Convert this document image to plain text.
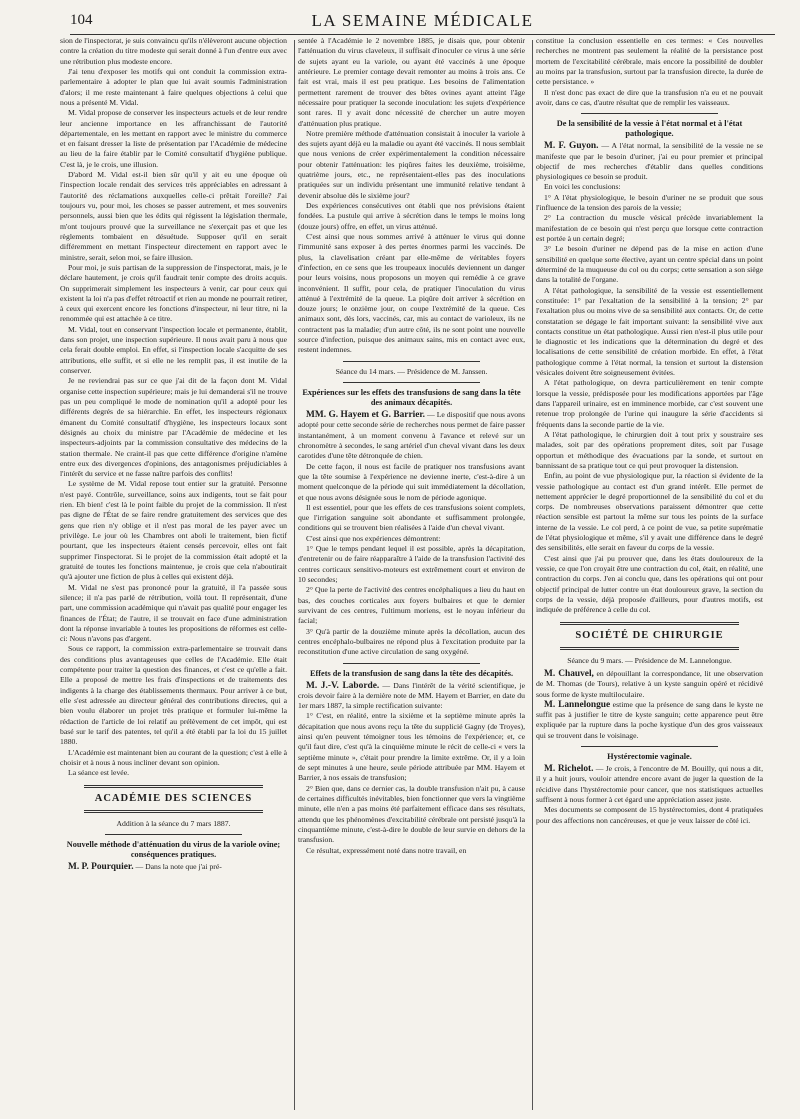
104	LA SEMAINE MÉDICALE

sion de l'inspectorat, je suis convaincu qu'ils n'élèveront aucune objection contre la création du titre modeste qui serait donné à l'un d'entre eux avec une rétribution plus modeste encore.

J'ai tenu d'exposer les motifs qui ont conduit la commission extra-parlementaire à adopter le plan que lui avait soumis l'administration d'alors; il me reste maintenant à faire quelques objections à celui que nous a présenté M. Vidal.

M. Vidal propose de conserver les inspecteurs actuels et de leur rendre leur ancienne importance en les affranchissant de l'autorité départementale, en les mettant en rapport avec le ministre du commerce et en faisant dresser la liste de présentation par l'Académie de médecine au lieu de la faire établir par le Comité consultatif d'hygiène publique. C'est là, je le crois, une illusion.

D'abord M. Vidal est-il bien sûr qu'il y ait eu une époque où l'inspection locale rendait des services très appréciables en adressant à l'autorité des réclamations auxquelles celle-ci prêtait l'oreille? J'ai toujours vu, pour moi, les choses se passer autrement, et mes souvenirs personnels, aussi bien que les édits qui régissent la législation thermale, m'ont toujours prouvé que la surveillance ne s'exerçait pas et que les règlements tombaient en désuétude. Supposer qu'il en serait différemment en mettant l'inspecteur directement en rapport avec le ministre, serait, selon moi, se faire illusion.

Pour moi, je suis partisan de la suppression de l'inspectorat, mais, je le déclare hautement, je crois qu'il faudrait tenir compte des droits acquis. On supprimerait simplement les inspecteurs à venir, car pour ceux qui existent la loi n'a pas d'effet rétroactif et rien au monde ne pourrait retirer, à ceux qui exercent encore les fonctions d'inspecteur, ni leur titre, ni la renommée qui est attachée à ce titre.

M. Vidal, tout en conservant l'inspection locale et permanente, établit, dans son projet, une inspection supérieure. Il nous avait paru à nous que cela ferait double emploi. En effet, si l'inspection locale s'acquitte de ses attributions, elle suffit, et si elle ne les remplit pas, il est inutile de la conserver.

Je ne reviendrai pas sur ce que j'ai dit de la façon dont M. Vidal organise cette inspection supérieure; mais je lui demanderai s'il ne trouve pas un peu compliqué le mode de nomination qu'il a adopté pour les différents degrés de sa hiérarchie. En effet, les inspecteurs régionaux émanent du Comité consultatif d'hygiène, les inspecteurs locaux sont désignés au choix du ministre par l'Académie de médecine et les inspecteurs-adjoints par la commission consultative des médecins de la station thermale. Ne craint-il pas que cette différence d'origine n'amène entre eux des divergences d'opinions, des antagonismes préjudiciables à l'intérêt du service et ne fasse naître parfois des conflits!

Le système de M. Vidal repose tout entier sur la gratuité. Personne n'est payé. Contrôle, surveillance, soins aux indigents, tout se fait pour rien. Eh bien! c'est là le point faible du projet de la commission. Il n'est pas digne de l'État de se faire rendre gratuitement des services que des gens que rien n'y oblige et il n'est pas moral de les payer avec un privilège. Le jour où les Chambres ont aboli le traitement, bien fictif pourtant, que les inspecteurs étaient censés percevoir, elles ont fait supprimer l'inspectorat. Si le projet de la commission était adopté et la gratuité de toutes les fonctions maintenue, je crois que cela n'aboutirait qu'à ajouter une fiction de plus à celles qui existent déjà.

M. Vidal ne s'est pas prononcé pour la gratuité, il l'a passée sous silence; il n'a pas parlé de rétribution, voilà tout. Il représentait, d'une part, une commission académique qui n'avait pas qualité pour engager les finances de l'État; de l'autre, il se trouvait en face d'une administration dont la réponse invariable à toutes les propositions de réformes est celle-ci: Nous n'avons pas d'argent.

Sous ce rapport, la commission extra-parlementaire se trouvait dans des conditions plus avantageuses que celles de l'Académie. Elle était compétente pour traiter la question des finances, et c'est ce qu'elle a fait. Elle a proposé de mettre les frais d'inspections et de traitements des indigents à la charge des établissements thermaux. Pour arriver à ce but, elle s'est adressée au directeur général des contributions directes, qui a bien voulu élaborer un projet très pratique et formuler lui-même la rédaction de l'article de loi relatif au prélèvement de cet impôt, qui est basé sur le tarif des patentes, tel qu'il a été établi par la loi du 15 juillet 1880.

L'Académie est maintenant bien au courant de la question; c'est à elle à choisir et à nous à nous incliner devant son opinion.

La séance est levée.

ACADÉMIE DES SCIENCES

Addition à la séance du 7 mars 1887.

Nouvelle méthode d'atténuation du virus de la variole ovine; conséquences pratiques.

M. P. Pourquier. — Dans la note que j'ai pré-

sentée à l'Académie le 2 novembre 1885, je disais que, pour obtenir l'atténuation du virus claveleux, il suffisait d'inoculer ce virus à une série de sujets ayant eu la variole, ou ayant été vaccinés à une époque antérieure. Le premier contage devait remonter au moins à trois ans. Ce fait est vrai, mais il est peu pratique. Les besoins de l'alimentation permettent rarement de trouver des bêtes ovines ayant atteint l'âge nécessaire pour pratiquer la seconde inoculation: les sujets d'expérience sont rares. Il y avait donc nécessité de chercher un autre moyen d'atténuation plus pratique.

Notre première méthode d'atténuation consistait à inoculer la variole à des sujets ayant déjà eu la maladie ou ayant été vaccinés. Il nous semblait que nous venions de créer expérimentalement la condition nécessaire pour obtenir l'atténuation: les piqûres faites les deuxième, troisième, quatrième jours, etc., ne représentaient-elles pas des inoculations pratiquées sur un individu présentant une immunité relative tendant à devenir absolue dès le sixième jour?

Des expériences consécutives ont établi que nos prévisions étaient fondées. La pustule qui arrive à sécrétion dans le temps le moins long (douze jours) offre, en effet, un virus atténué.

C'est ainsi que nous sommes arrivé à atténuer le virus qui donne l'immunité sans exposer à des pertes énormes parmi les vaccinés. De plus, la clavelisation créant par elle-même de véritables foyers d'infection, en ce sens que les troupeaux inoculés deviennent un danger pour leurs voisins, nous proposons un moyen qui remédie à ce grave inconvénient. Il suffit, pour cela, de pratiquer l'inoculation du virus atténué à l'extrémité de la queue. La piqûre doit arriver à sécrétion en douze jours; le onzième jour, on coupe l'extrémité de la queue. Ces animaux sont, dès lors, vaccinés, car, mis au contact de varioleux, ils ne contractent pas la maladie; d'un autre côté, ils ne sont point une nouvelle source d'infection, puisque des animaux sains, mis en contact avec eux, restent indemnes.

Séance du 14 mars. — Présidence de M. Janssen.

Expériences sur les effets des transfusions de sang dans la tête des animaux décapités.

MM. G. Hayem et G. Barrier. — Le dispositif que nous avons adopté pour cette seconde série de recherches nous permet de faire passer instantanément, à un moment convenu à l'avance et relevé sur un chronomètre à secondes, le sang artériel d'un cheval vivant dans les deux carotides d'une tête détronquée de chien.

De cette façon, il nous est facile de pratiquer nos transfusions avant que la tête soumise à l'expérience ne devienne inerte, c'est-à-dire à un moment quelconque de la période qui suit immédiatement la décollation, et que nous avons désignée sous le nom de période agonique.

Il est essentiel, pour que les effets de ces transfusions soient complets, que l'irrigation sanguine soit abondante et suffisamment prolongée, conditions qui se trouvent bien réalisées à l'aide d'un cheval vivant.

C'est ainsi que nos expériences démontrent:

1° Que le temps pendant lequel il est possible, après la décapitation, d'entretenir ou de faire réapparaître à l'aide de la transfusion l'activité des centres corticaux sensitivo-moteurs est extrêmement court et environ de 10 secondes;

2° Que la perte de l'activité des centres encéphaliques a lieu du haut en bas, des couches corticales aux foyers bulbaires et que le dernier survivant de ces centres, l'ultimum moriens, est le noyau inférieur du facial;

3° Qu'à partir de la douzième minute après la décollation, aucun des centres encéphalo-bulbaires ne répond plus à l'excitation produite par la reconstitution d'une active circulation de sang oxygéné.

Effets de la transfusion de sang dans la tête des décapités.

M. J.-V. Laborde. — Dans l'intérêt de la vérité scientifique, je crois devoir faire à la dernière note de MM. Hayem et Barrier, en date du 1er mars 1887, la simple rectification suivante:

1° C'est, en réalité, entre la sixième et la septième minute après la décapitation que nous avons reçu la tête du supplicié Gagny (de Troyes), ainsi qu'en peuvent témoigner tous les témoins de l'expérience; et, ce qu'il faut dire, c'est qu'à la cinquième minute le récit de celle-ci « vers la septième minute », c'était pour prendre la limite extrême. Or, il y a loin de sept minutes à une heure, seule période attribuée par MM. Hayem et Barrier, à nos essais de transfusion;

2° Bien que, dans ce dernier cas, la double transfusion n'ait pu, à cause de certaines difficultés inévitables, bien fonctionner que vers la vingtième minute, elle n'en a pas moins été parfaitement efficace dans ses résultats, attendu que les phénomènes d'excitabilité cérébrale ont persisté jusqu'à la cinquantième minute, c'est-à-dire le double de leur survie en dehors de la transfusion.

Ce résultat, expressément noté dans notre travail, en

constitue la conclusion essentielle en ces termes: « Ces nouvelles recherches ne montrent pas seulement la réalité de la persistance post mortem de l'excitabilité cérébrale, mais encore la possibilité de doubler au moins par la transfusion, surtout par la transfusion directe, la durée de cette persistance. »

Il n'est donc pas exact de dire que la transfusion n'a eu et ne pouvait avoir, dans ce cas, d'autre résultat que de remplir les vaisseaux.

De la sensibilité de la vessie à l'état normal et à l'état pathologique.

M. F. Guyon. — A l'état normal, la sensibilité de la vessie ne se manifeste que par le besoin d'uriner, j'ai eu pour premier et principal objectif de mes recherches d'établir dans quelles conditions physiologiques ce besoin se produit.

En voici les conclusions:

1° A l'état physiologique, le besoin d'uriner ne se produit que sous l'influence de la tension des parois de la vessie;

2° La contraction du muscle vésical précède invariablement la manifestation de ce besoin qui n'est perçu que lorsque cette contraction est portée à un certain degré;

3° Le besoin d'uriner ne dépend pas de la mise en action d'une sensibilité en quelque sorte élective, ayant un centre spécial dans un point déterminé de la muqueuse du col ou du corps; cette sensation a son siège dans la totalité de l'organe.

A l'état pathologique, la sensibilité de la vessie est essentiellement constituée: 1° par l'exaltation de la sensibilité à la tension; 2° par l'exaltation plus ou moins vive de sa sensibilité aux contacts. Or, de cette constatation se dégage le fait important suivant: la sensibilité vive aux contacts constitue un état pathologique. Aussi rien n'est-il plus utile pour le diagnostic et les indications que la détermination du degré et des localisations de cette sensibilité de création morbide. En effet, à l'état pathologique comme à l'état normal, la tension et surtout la distension vésicales doivent être soigneusement évitées.

A l'état pathologique, on devra particulièrement en tenir compte lorsque la vessie, prédisposée pour les modifications apportées par l'âge dans l'appareil urinaire, est en imminence morbide, car c'est souvent une retenue trop prolongée de l'urine qui inaugure la série d'accidents si fréquents dans la seconde partie de la vie.

A l'état pathologique, le chirurgien doit à tout prix y soustraire ses malades, soit par des opérations proprement dites, soit par l'usage opportun et méthodique des évacuations par la sonde, et surtout en bannissant de sa pratique tout ce qui peut provoquer la distension.

Enfin, au point de vue physiologique pur, la réaction si évidente de la vessie pathologique au contact est d'un grand intérêt. Elle permet de nettement apprécier le degré proportionnel de la sensibilité du col et du corps. De nombreuses observations paraissent démontrer que cette réaction sensible est partout la même sur tous les points de la surface interne de la vessie. Le col perd, à ce point de vue, sa petite suprématie de l'état physiologique et même, s'il y avait une différence dans le degré des sensibilités, elle serait en faveur du corps de la vessie.

C'est ainsi que j'ai pu prouver que, dans les états douloureux de la vessie, ce que l'on croyait être une contraction du col, était, en réalité, une contraction du corps. J'en ai conclu que, dans les opérations qui ont pour objectif principal de lutter contre un état douloureux grave, la section du corps de la vessie, déjà proposée d'ailleurs, pour d'autres motifs, est indiquée de préférence à celle du col.

SOCIÉTÉ DE CHIRURGIE

Séance du 9 mars. — Présidence de M. Lannelongue.

M. Chauvel, en dépouillant la correspondance, lit une observation de M. Thomas (de Tours), relative à un kyste sanguin opéré et récidivé sous forme de kyste multiloculaire.

M. Lannelongue estime que la présence de sang dans le kyste ne suffit pas à justifier le titre de kyste sanguin; cette apparence peut être expliquée par la rupture dans la poche kystique d'un des gros vaisseaux qui se trouvent dans le voisinage.

Hystérectomie vaginale.

M. Richelot. — Je crois, à l'encontre de M. Bouilly, qui nous a dit, il y a huit jours, vouloir attendre encore avant de juger la question de la récidive dans l'hystérectomie pour cancer, que nos statistiques actuelles suffisent à nous former à cet égard une appréciation assez juste.

Mes documents se composent de 15 hystérectomies, dont 4 pratiquées pour des affections non cancéreuses, et que je veux laisser de côté ici.
